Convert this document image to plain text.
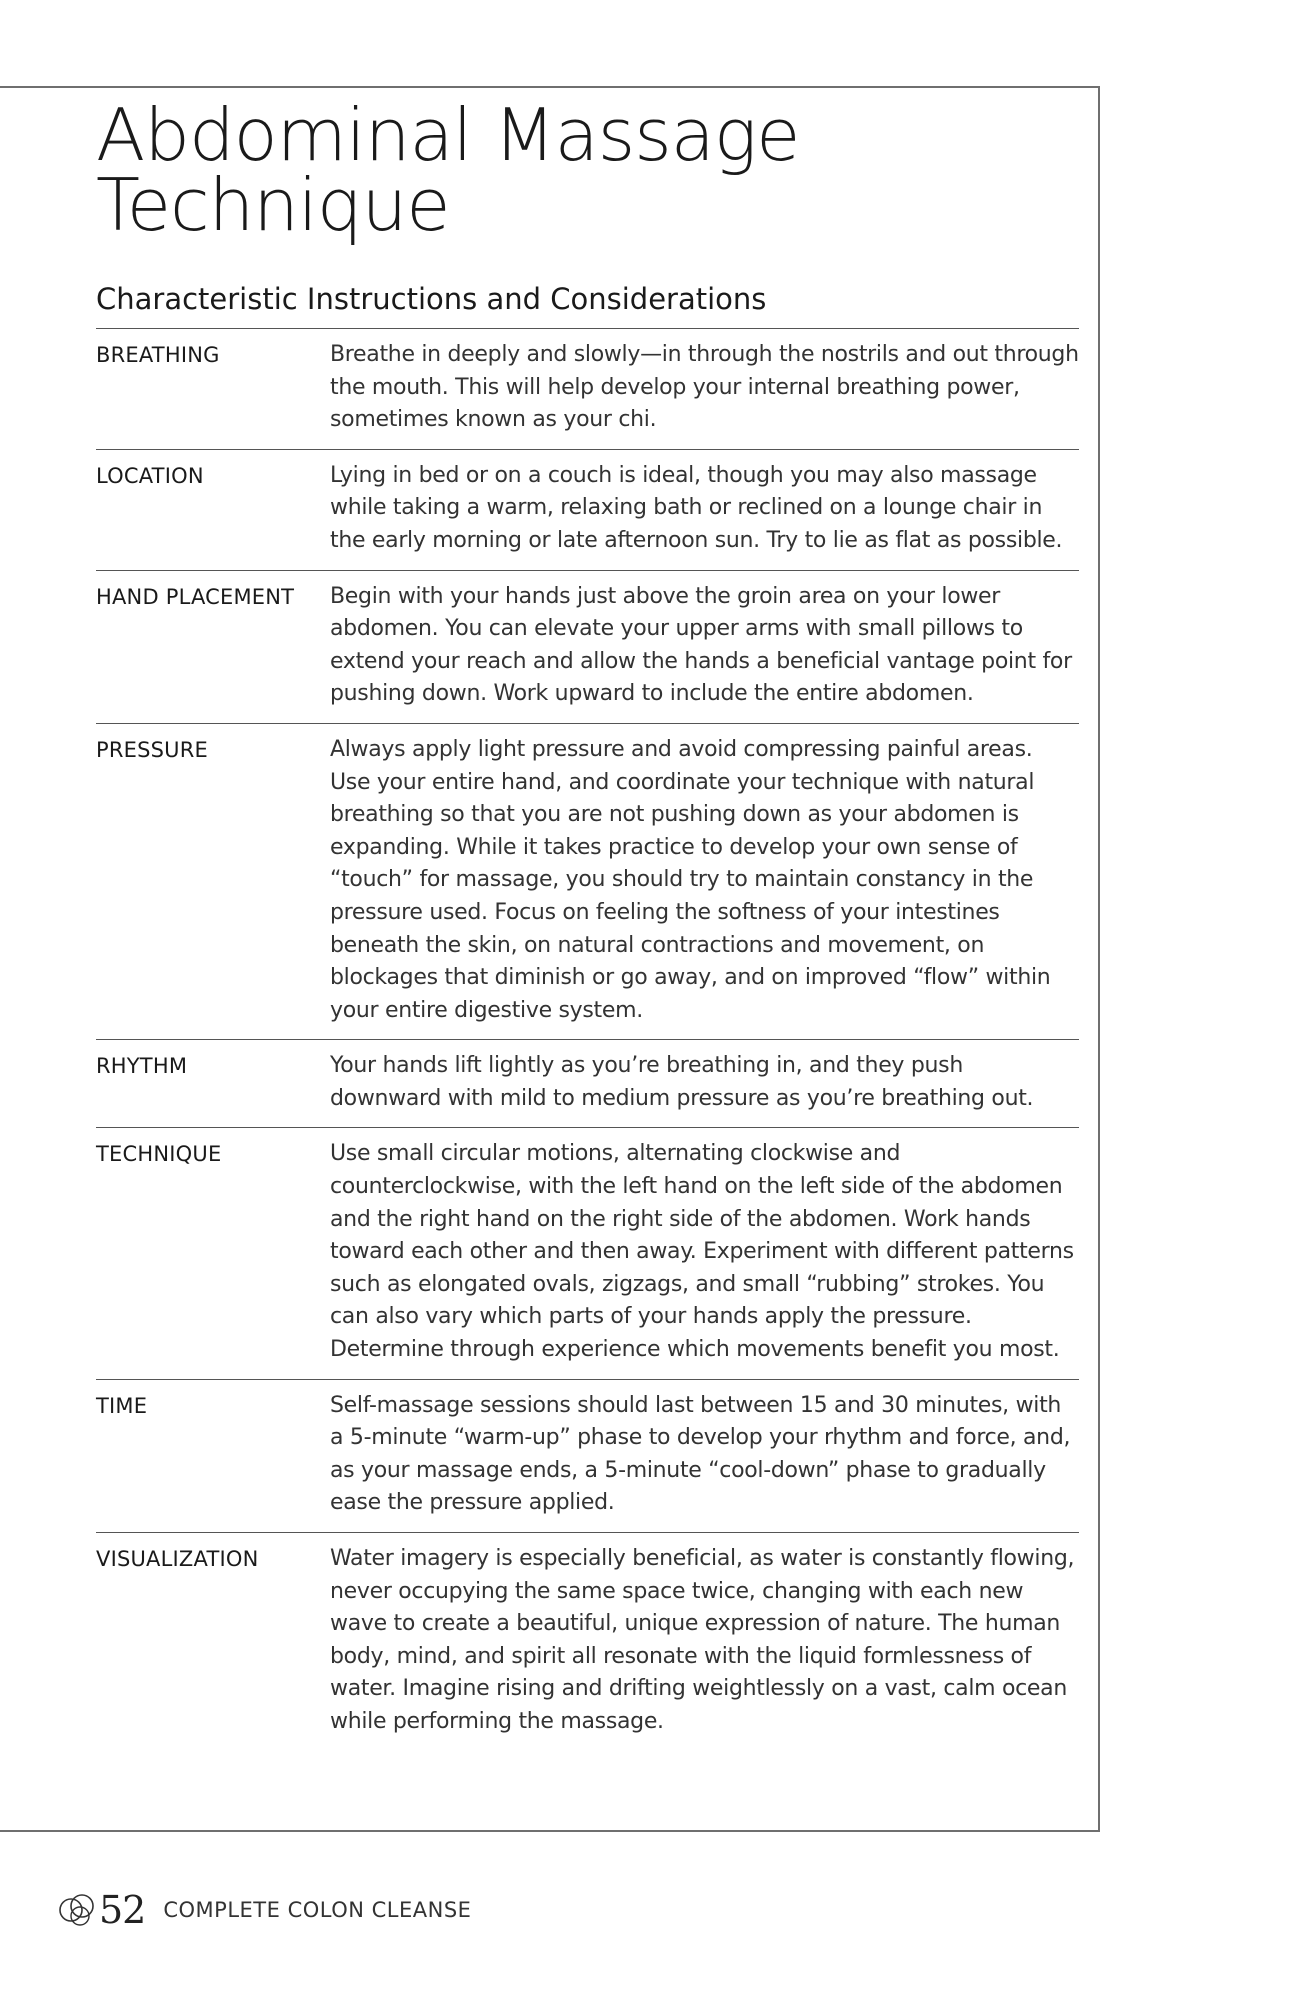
Abdominal Massage
Technique
Characteristic Instructions and Considerations
BREATHING	Breathe in deeply and slowly—in through the nostrils and out through the mouth. This will help develop your internal breathing power, sometimes known as your chi.
LOCATION	Lying in bed or on a couch is ideal, though you may also massage while taking a warm, relaxing bath or reclined on a lounge chair in the early morning or late afternoon sun. Try to lie as flat as possible.
HAND PLACEMENT	Begin with your hands just above the groin area on your lower abdomen. You can elevate your upper arms with small pillows to extend your reach and allow the hands a beneficial vantage point for pushing down. Work upward to include the entire abdomen.
PRESSURE	Always apply light pressure and avoid compressing painful areas. Use your entire hand, and coordinate your technique with natural breathing so that you are not pushing down as your abdomen is expanding. While it takes practice to develop your own sense of “touch” for massage, you should try to maintain constancy in the pressure used. Focus on feeling the softness of your intestines beneath the skin, on natural contractions and movement, on blockages that diminish or go away, and on improved “flow” within your entire digestive system.
RHYTHM	Your hands lift lightly as you’re breathing in, and they push downward with mild to medium pressure as you’re breathing out.
TECHNIQUE	Use small circular motions, alternating clockwise and counterclockwise, with the left hand on the left side of the abdomen and the right hand on the right side of the abdomen. Work hands toward each other and then away. Experiment with different patterns such as elongated ovals, zigzags, and small “rubbing” strokes. You can also vary which parts of your hands apply the pressure. Determine through experience which movements benefit you most.
TIME	Self-massage sessions should last between 15 and 30 minutes, with a 5-minute “warm-up” phase to develop your rhythm and force, and, as your massage ends, a 5-minute “cool-down” phase to gradually ease the pressure applied.
VISUALIZATION	Water imagery is especially beneficial, as water is constantly flowing, never occupying the same space twice, changing with each new wave to create a beautiful, unique expression of nature. The human body, mind, and spirit all resonate with the liquid formlessness of water. Imagine rising and drifting weightlessly on a vast, calm ocean while performing the massage.
52 COMPLETE COLON CLEANSE
